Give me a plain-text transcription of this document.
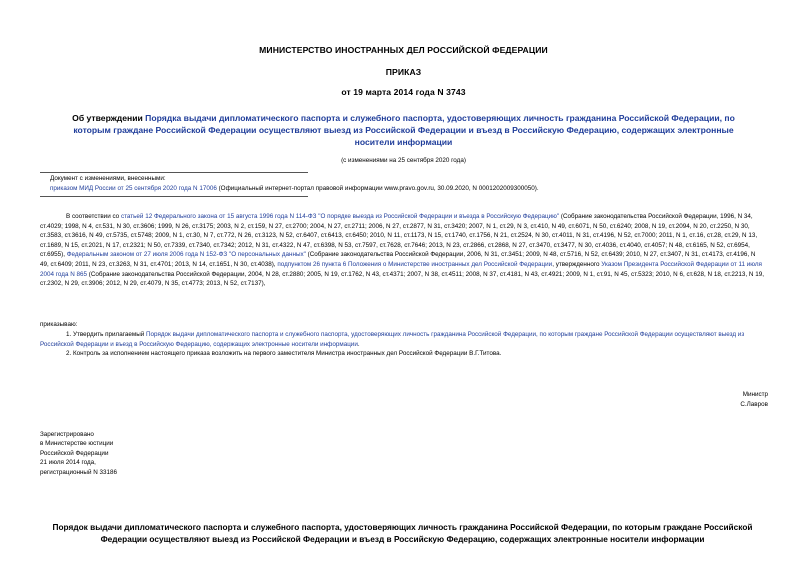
МИНИСТЕРСТВО ИНОСТРАННЫХ ДЕЛ РОССИЙСКОЙ ФЕДЕРАЦИИ
ПРИКАЗ
от 19 марта 2014 года N 3743
Об утверждении Порядка выдачи дипломатического паспорта и служебного паспорта, удостоверяющих личность гражданина Российской Федерации, по которым граждане Российской Федерации осуществляют выезд из Российской Федерации и въезд в Российскую Федерацию, содержащих электронные носители информации
(с изменениями на 25 сентября 2020 года)
Документ с изменениями, внесенными:
приказом МИД России от 25 сентября 2020 года N 17006 (Официальный интернет-портал правовой информации www.pravo.gov.ru, 30.09.2020, N 0001202009300050).
В соответствии со статьей 12 Федерального закона от 15 августа 1996 года N 114-ФЗ "О порядке выезда из Российской Федерации и въезда в Российскую Федерацию" (Собрание законодательства Российской Федерации, 1996, N 34, ст.4029; 1998, N 4, ст.531, N 30, ст.3606; 1999, N 26, ст.3175; 2003, N 2, ст.159, N 27, ст.2700; 2004, N 27, ст.2711; 2006, N 27, ст.2877, N 31, ст.3420; 2007, N 1, ст.29, N 3, ст.410, N 49, ст.6071, N 50, ст.6240; 2008, N 19, ст.2094, N 20, ст.2250, N 30, ст.3583, ст.3616, N 49, ст.5735, ст.5748; 2009, N 1, ст.30, N 7, ст.772, N 26, ст.3123, N 52, ст.6407, ст.6413, ст.6450; 2010, N 11, ст.1173, N 15, ст.1740, ст.1756, N 21, ст.2524, N 30, ст.4011, N 31, ст.4196, N 52, ст.7000; 2011, N 1, ст.16, ст.28, ст.29, N 13, ст.1689, N 15, ст.2021, N 17, ст.2321; N 50, ст.7339, ст.7340, ст.7342; 2012, N 31, ст.4322, N 47, ст.6398, N 53, ст.7597, ст.7628, ст.7646; 2013, N 23, ст.2866, ст.2868, N 27, ст.3470, ст.3477, N 30, ст.4036, ст.4040, ст.4057; N 48, ст.6165, N 52, ст.6954, ст.6955), Федеральным законом от 27 июля 2006 года N 152-ФЗ "О персональных данных" (Собрание законодательства Российской Федерации, 2006, N 31, ст.3451; 2009, N 48, ст.5716, N 52, ст.6439; 2010, N 27, ст.3407, N 31, ст.4173, ст.4196, N 49, ст.6409; 2011, N 23, ст.3263, N 31, ст.4701; 2013, N 14, ст.1651, N 30, ст.4038), подпунктом 26 пункта 6 Положения о Министерстве иностранных дел Российской Федерации, утвержденного Указом Президента Российской Федерации от 11 июля 2004 года N 865 (Собрание законодательства Российской Федерации, 2004, N 28, ст.2880; 2005, N 19, ст.1762, N 43, ст.4371; 2007, N 38, ст.4511; 2008, N 37, ст.4181, N 43, ст.4921; 2009, N 1, ст.91, N 45, ст.5323; 2010, N 6, ст.628, N 18, ст.2213, N 19, ст.2302, N 29, ст.3906; 2012, N 29, ст.4079, N 35, ст.4773; 2013, N 52, ст.7137),
приказываю:
1. Утвердить прилагаемый Порядок выдачи дипломатического паспорта и служебного паспорта, удостоверяющих личность гражданина Российской Федерации, по которым граждане Российской Федерации осуществляют выезд из Российской Федерации и въезд в Российскую Федерацию, содержащих электронные носители информации.
2. Контроль за исполнением настоящего приказа возложить на первого заместителя Министра иностранных дел Российской Федерации В.Г.Титова.
Министр
С.Лавров
Зарегистрировано
в Министерстве юстиции
Российской Федерации
21 июля 2014 года,
регистрационный N 33186
Порядок выдачи дипломатического паспорта и служебного паспорта, удостоверяющих личность гражданина Российской Федерации, по которым граждане Российской Федерации осуществляют выезд из Российской Федерации и въезд в Российскую Федерацию, содержащих электронные носители информации
